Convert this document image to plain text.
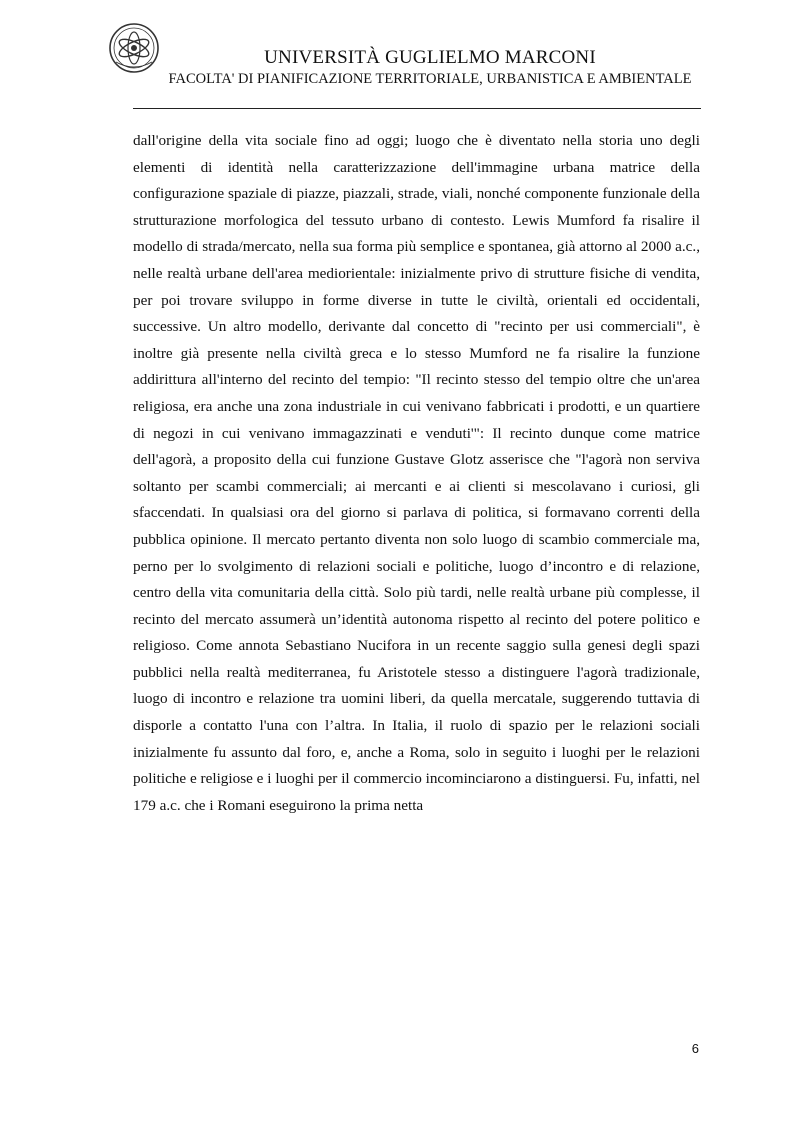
UNIVERSITÀ GUGLIELMO MARCONI
FACOLTA' DI PIANIFICAZIONE TERRITORIALE, URBANISTICA E AMBIENTALE

dall'origine della vita sociale fino ad oggi; luogo che è diventato nella storia uno degli elementi di identità nella caratterizzazione dell'immagine urbana matrice della configurazione spaziale di piazze, piazzali, strade, viali, nonché componente funzionale della strutturazione morfologica del tessuto urbano di contesto. Lewis Mumford fa risalire il modello di strada/mercato, nella sua forma più semplice e spontanea, già attorno al 2000 a.c., nelle realtà urbane dell'area mediorientale: inizialmente privo di strutture fisiche di vendita, per poi trovare sviluppo in forme diverse in tutte le civiltà, orientali ed occidentali, successive. Un altro modello, derivante dal concetto di "recinto per usi commerciali", è inoltre già presente nella civiltà greca e lo stesso Mumford ne fa risalire la funzione addirittura all'interno del recinto del tempio: "Il recinto stesso del tempio oltre che un'area religiosa, era anche una zona industriale in cui venivano fabbricati i prodotti, e un quartiere di negozi in cui venivano immagazzinati e venduti'": Il recinto dunque come matrice dell'agorà, a proposito della cui funzione Gustave Glotz asserisce che "l'agorà non serviva soltanto per scambi commerciali; ai mercanti e ai clienti si mescolavano i curiosi, gli sfaccendati. In qualsiasi ora del giorno si parlava di politica, si formavano correnti della pubblica opinione. Il mercato pertanto diventa non solo luogo di scambio commerciale ma, perno per lo svolgimento di relazioni sociali e politiche, luogo d’incontro e di relazione, centro della vita comunitaria della città. Solo più tardi, nelle realtà urbane più complesse, il recinto del mercato assumerà un’identità autonoma rispetto al recinto del potere politico e religioso. Come annota Sebastiano Nucifora in un recente saggio sulla genesi degli spazi pubblici nella realtà mediterranea, fu Aristotele stesso a distinguere l'agorà tradizionale, luogo di incontro e relazione tra uomini liberi, da quella mercatale, suggerendo tuttavia di disporle a contatto l'una con l’altra. In Italia, il ruolo di spazio per le relazioni sociali inizialmente fu assunto dal foro, e, anche a Roma, solo in seguito i luoghi per le relazioni politiche e religiose e i luoghi per il commercio incominciarono a distinguersi. Fu, infatti, nel 179 a.c. che i Romani eseguirono la prima netta

6
